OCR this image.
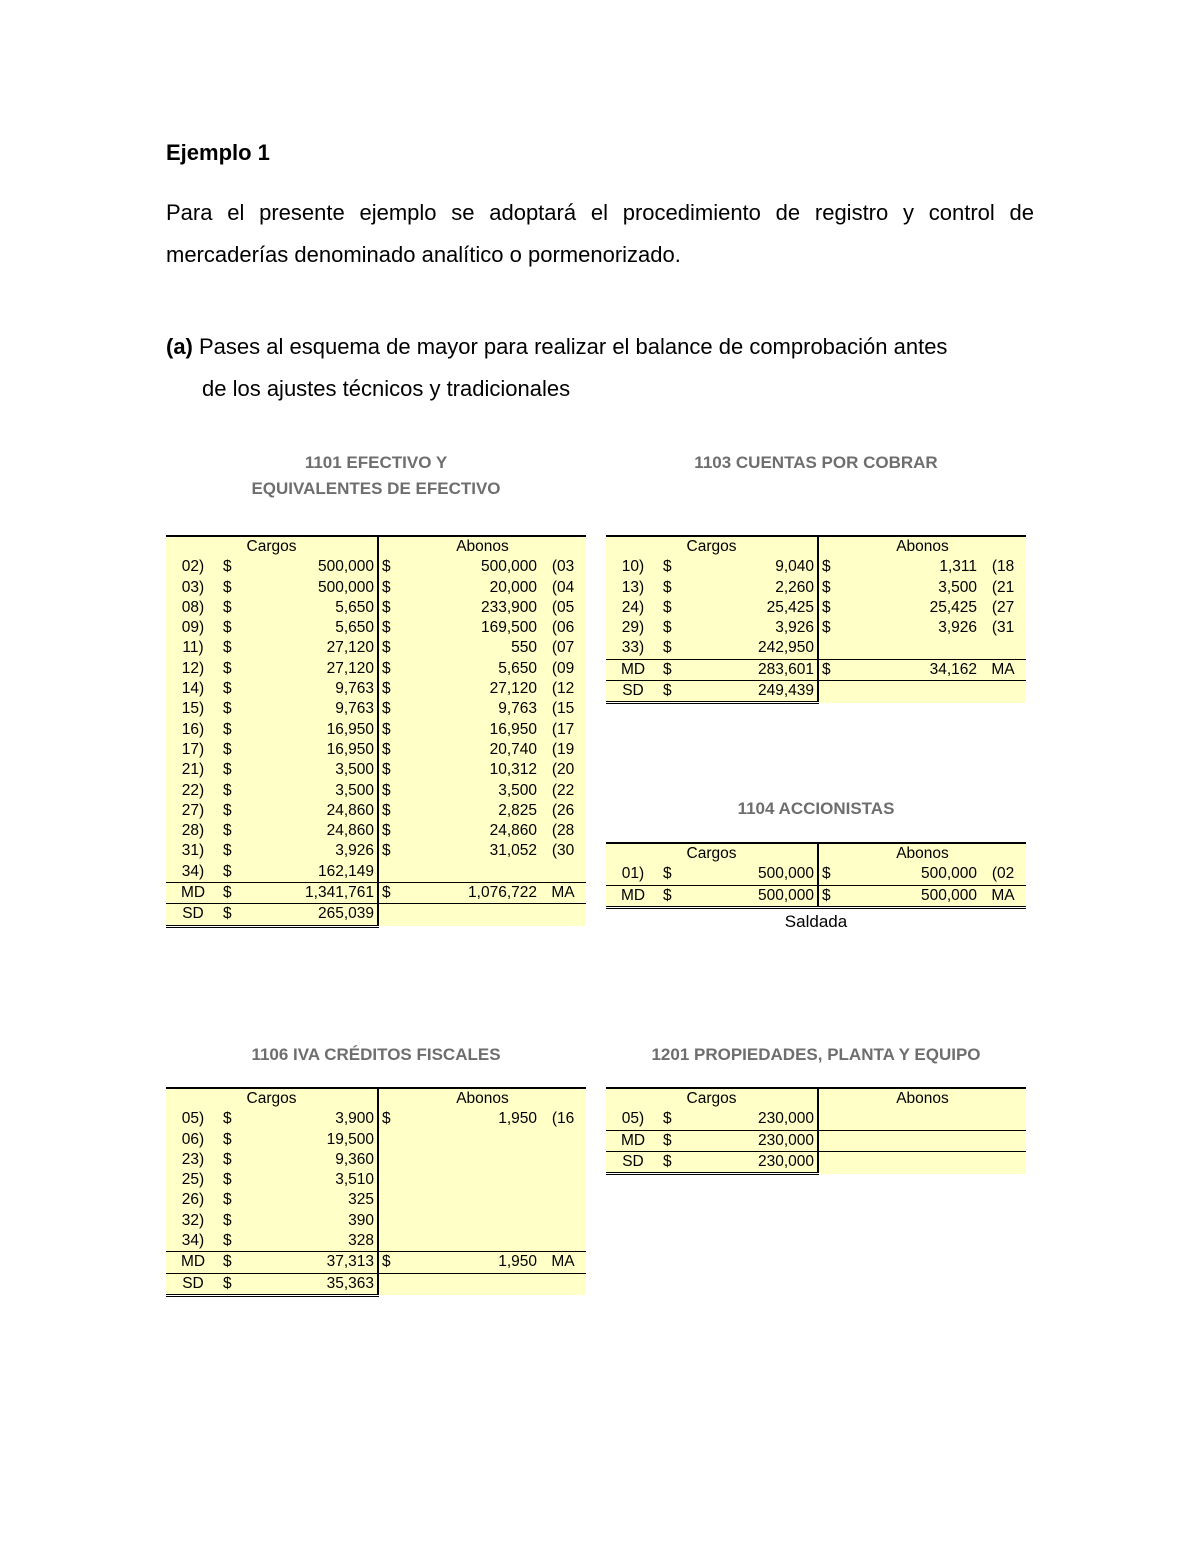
Ejemplo 1
Para el presente ejemplo se adoptará el procedimiento de registro y control de mercaderías denominado analítico o pormenorizado.
(a) Pases al esquema de mayor para realizar el balance de comprobación antes
de los ajustes técnicos y tradicionales
1101 EFECTIVO Y
EQUIVALENTES DE EFECTIVO
Cargos			Abonos		
02)	$	500,000	$	500,000	(03
03)	$	500,000	$	20,000	(04
08)	$	5,650	$	233,900	(05
09)	$	5,650	$	169,500	(06
11)	$	27,120	$	550	(07
12)	$	27,120	$	5,650	(09
14)	$	9,763	$	27,120	(12
15)	$	9,763	$	9,763	(15
16)	$	16,950	$	16,950	(17
17)	$	16,950	$	20,740	(19
21)	$	3,500	$	10,312	(20
22)	$	3,500	$	3,500	(22
27)	$	24,860	$	2,825	(26
28)	$	24,860	$	24,860	(28
31)	$	3,926	$	31,052	(30
34)	$	162,149			
MD	$	1,341,761	$	1,076,722	MA
SD	$	265,039			
1103 CUENTAS POR COBRAR
Cargos			Abonos		
10)	$	9,040	$	1,311	(18
13)	$	2,260	$	3,500	(21
24)	$	25,425	$	25,425	(27
29)	$	3,926	$	3,926	(31
33)	$	242,950			
MD	$	283,601	$	34,162	MA
SD	$	249,439			
1104 ACCIONISTAS
Cargos			Abonos		
01)	$	500,000	$	500,000	(02
MD	$	500,000	$	500,000	MA
Saldada
1106 IVA CRÉDITOS FISCALES
Cargos			Abonos		
05)	$	3,900	$	1,950	(16
06)	$	19,500			
23)	$	9,360			
25)	$	3,510			
26)	$	325			
32)	$	390			
34)	$	328			
MD	$	37,313	$	1,950	MA
SD	$	35,363			
1201 PROPIEDADES, PLANTA Y EQUIPO
Cargos			Abonos		
05)	$	230,000			
MD	$	230,000			
SD	$	230,000			
